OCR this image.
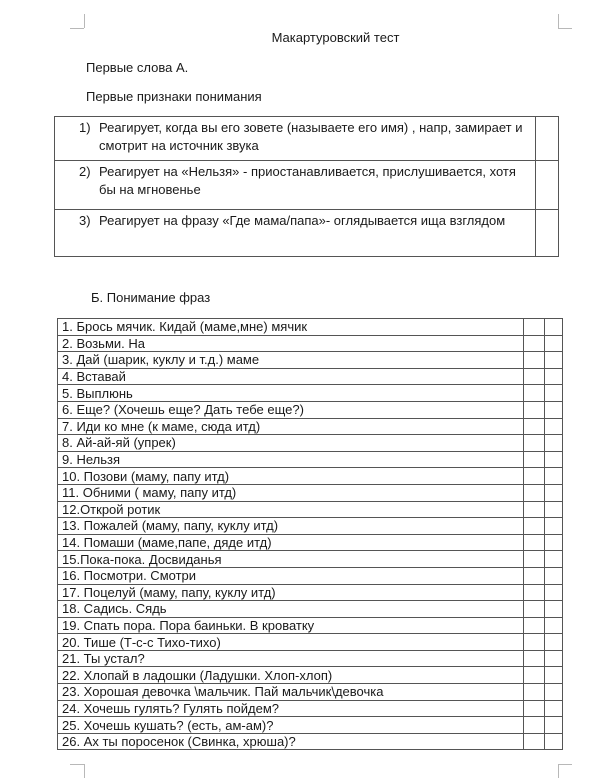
Макартуровский тест
Первые слова А.
Первые признаки понимания
1) Реагирует, когда вы его зовете (называете его имя) , напр, замирает и смотрит на источник звука	

2) Реагирует на «Нельзя» - приостанавливается, прислушивается, хотя бы на мгновенье	

3) Реагирует на фразу «Где мама/папа»- оглядывается ища взглядом	

Б. Понимание фраз
1. Брось мячик. Кидай (маме,мне) мячик		
2. Возьми. На		
3. Дай (шарик, куклу и т.д.) маме		
4. Вставай		
5. Выплюнь		
6. Еще? (Хочешь еще? Дать тебе еще?)		
7. Иди ко мне (к маме, сюда итд)		
8. Ай-ай-яй (упрек)		
9. Нельзя		
10. Позови (маму, папу итд)		
11. Обними ( маму, папу итд)		
12.Открой ротик		
13. Пожалей (маму, папу, куклу итд)		
14. Помаши (маме,папе, дяде итд)		
15.Пока-пока. Досвиданья		
16. Посмотри. Смотри		
17. Поцелуй (маму, папу, куклу итд)		
18. Садись. Сядь		
19. Спать пора. Пора баиньки. В кроватку		
20. Тише (Т-с-с Тихо-тихо)		
21. Ты устал?		
22. Хлопай в ладошки (Ладушки. Хлоп-хлоп)		
23. Хорошая девочка \мальчик. Пай мальчик\девочка		
24. Хочешь гулять? Гулять пойдем?		
25. Хочешь кушать? (есть, ам-ам)?		
26. Ах ты поросенок (Свинка, хрюша)?		
